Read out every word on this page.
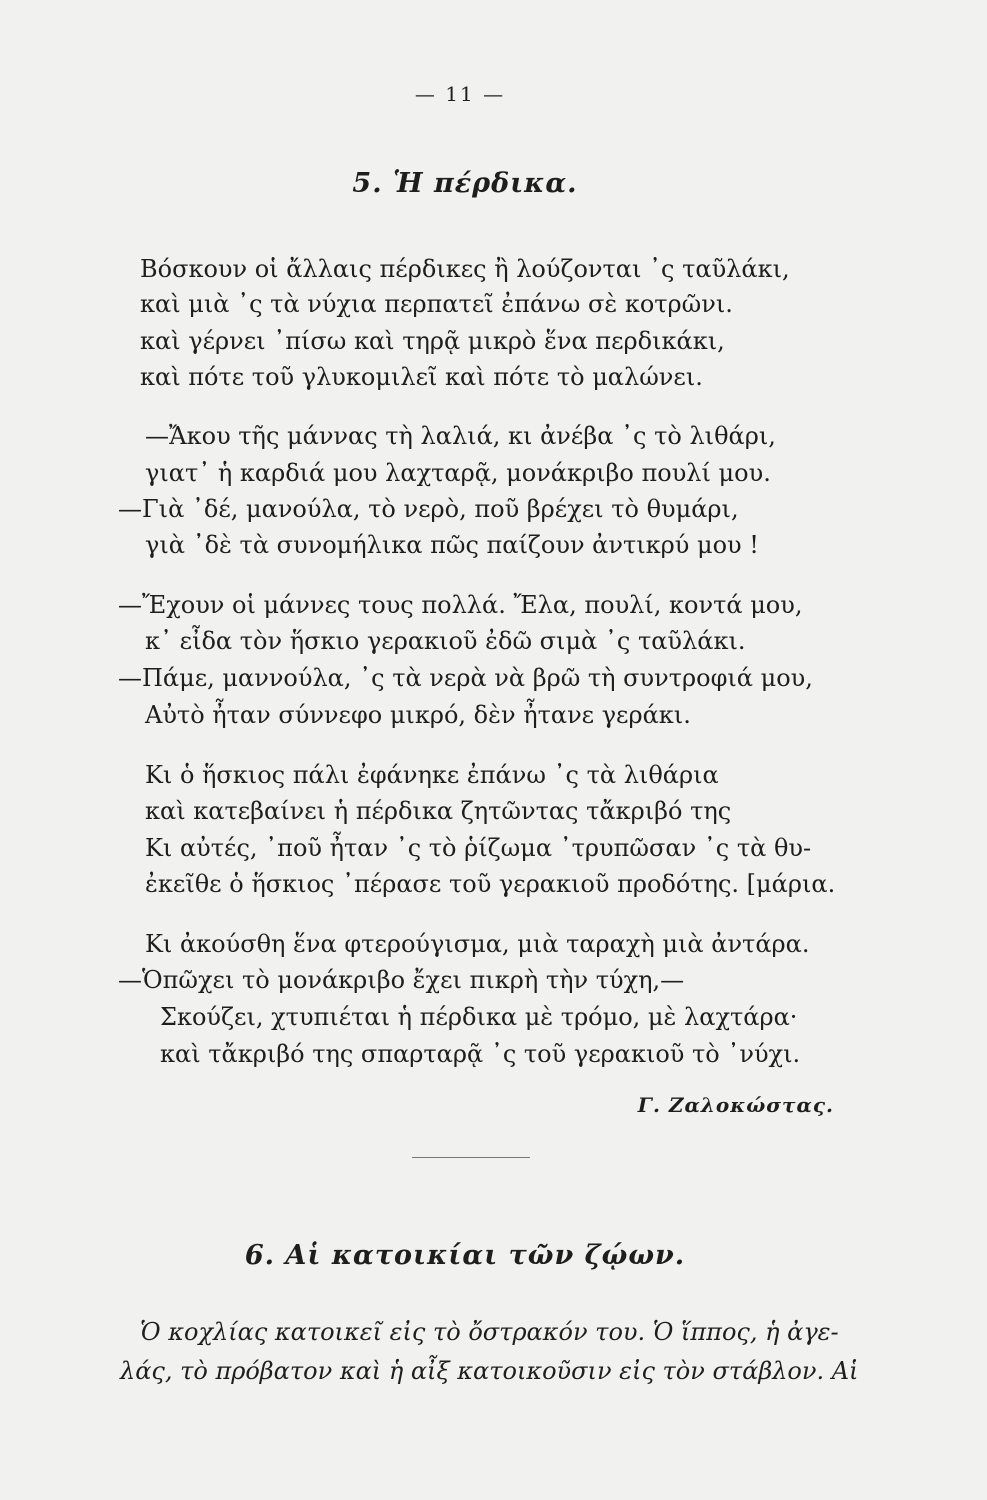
— 11 —
5. Ἡ πέρδικα.
Βόσκουν οἱ ἄλλαις πέρδικες ἢ λούζονται ᾽ς ταῦλάκι,
καὶ μιὰ ᾽ς τὰ νύχια περπατεῖ ἐπάνω σὲ κοτρῶνι.
καὶ γέρνει ᾽πίσω καὶ τηρᾷ μικρὸ ἕνα περδικάκι,
καὶ πότε τοῦ γλυκομιλεῖ καὶ πότε τὸ μαλώνει.
—Ἄκου τῆς μάννας τὴ λαλιά, κι ἀνέβα ᾽ς τὸ λιθάρι,
γιατ᾽ ἡ καρδιά μου λαχταρᾷ, μονάκριβο πουλί μου.
—Γιὰ ᾽δέ, μανούλα, τὸ νερὸ, ποῦ βρέχει τὸ θυμάρι,
γιὰ ᾽δὲ τὰ συνομήλικα πῶς παίζουν ἀντικρύ μου !
—Ἔχουν οἱ μάννες τους πολλά. Ἔλα, πουλί, κοντά μου,
κ᾽ εἶδα τὸν ἥσκιο γερακιοῦ ἐδῶ σιμὰ ᾽ς ταῦλάκι.
—Πάμε, μαννούλα, ᾽ς τὰ νερὰ νὰ βρῶ τὴ συντροφιά μου,
Αὐτὸ ἦταν σύννεφο μικρό, δὲν ἦτανε γεράκι.
Κι ὁ ἥσκιος πάλι ἐφάνηκε ἐπάνω ᾽ς τὰ λιθάρια
καὶ κατεβαίνει ἡ πέρδικα ζητῶντας τἄκριβό της
Κι αὐτές, ᾽ποῦ ἦταν ᾽ς τὸ ῥίζωμα ᾽τρυπῶσαν ᾽ς τὰ θυ-
ἐκεῖθε ὁ ἥσκιος ᾽πέρασε τοῦ γερακιοῦ προδότης. [μάρια.
Κι ἀκούσθη ἕνα φτερούγισμα, μιὰ ταραχὴ μιὰ ἀντάρα.
—Ὁπῶχει τὸ μονάκριβο ἔχει πικρὴ τὴν τύχη,—
Σκούζει, χτυπιέται ἡ πέρδικα μὲ τρόμο, μὲ λαχτάρα·
καὶ τἄκριβό της σπαρταρᾷ ᾽ς τοῦ γερακιοῦ τὸ ᾽νύχι.
Γ. Ζαλοκώστας.
6. Αἱ κατοικίαι τῶν ζῴων.
Ὁ κοχλίας κατοικεῖ εἰς τὸ ὄστρακόν του. Ὁ ἵππος, ἡ ἀγε-
λάς, τὸ πρόβατον καὶ ἡ αἶξ κατοικοῦσιν εἰς τὸν στάβλον. Αἱ
